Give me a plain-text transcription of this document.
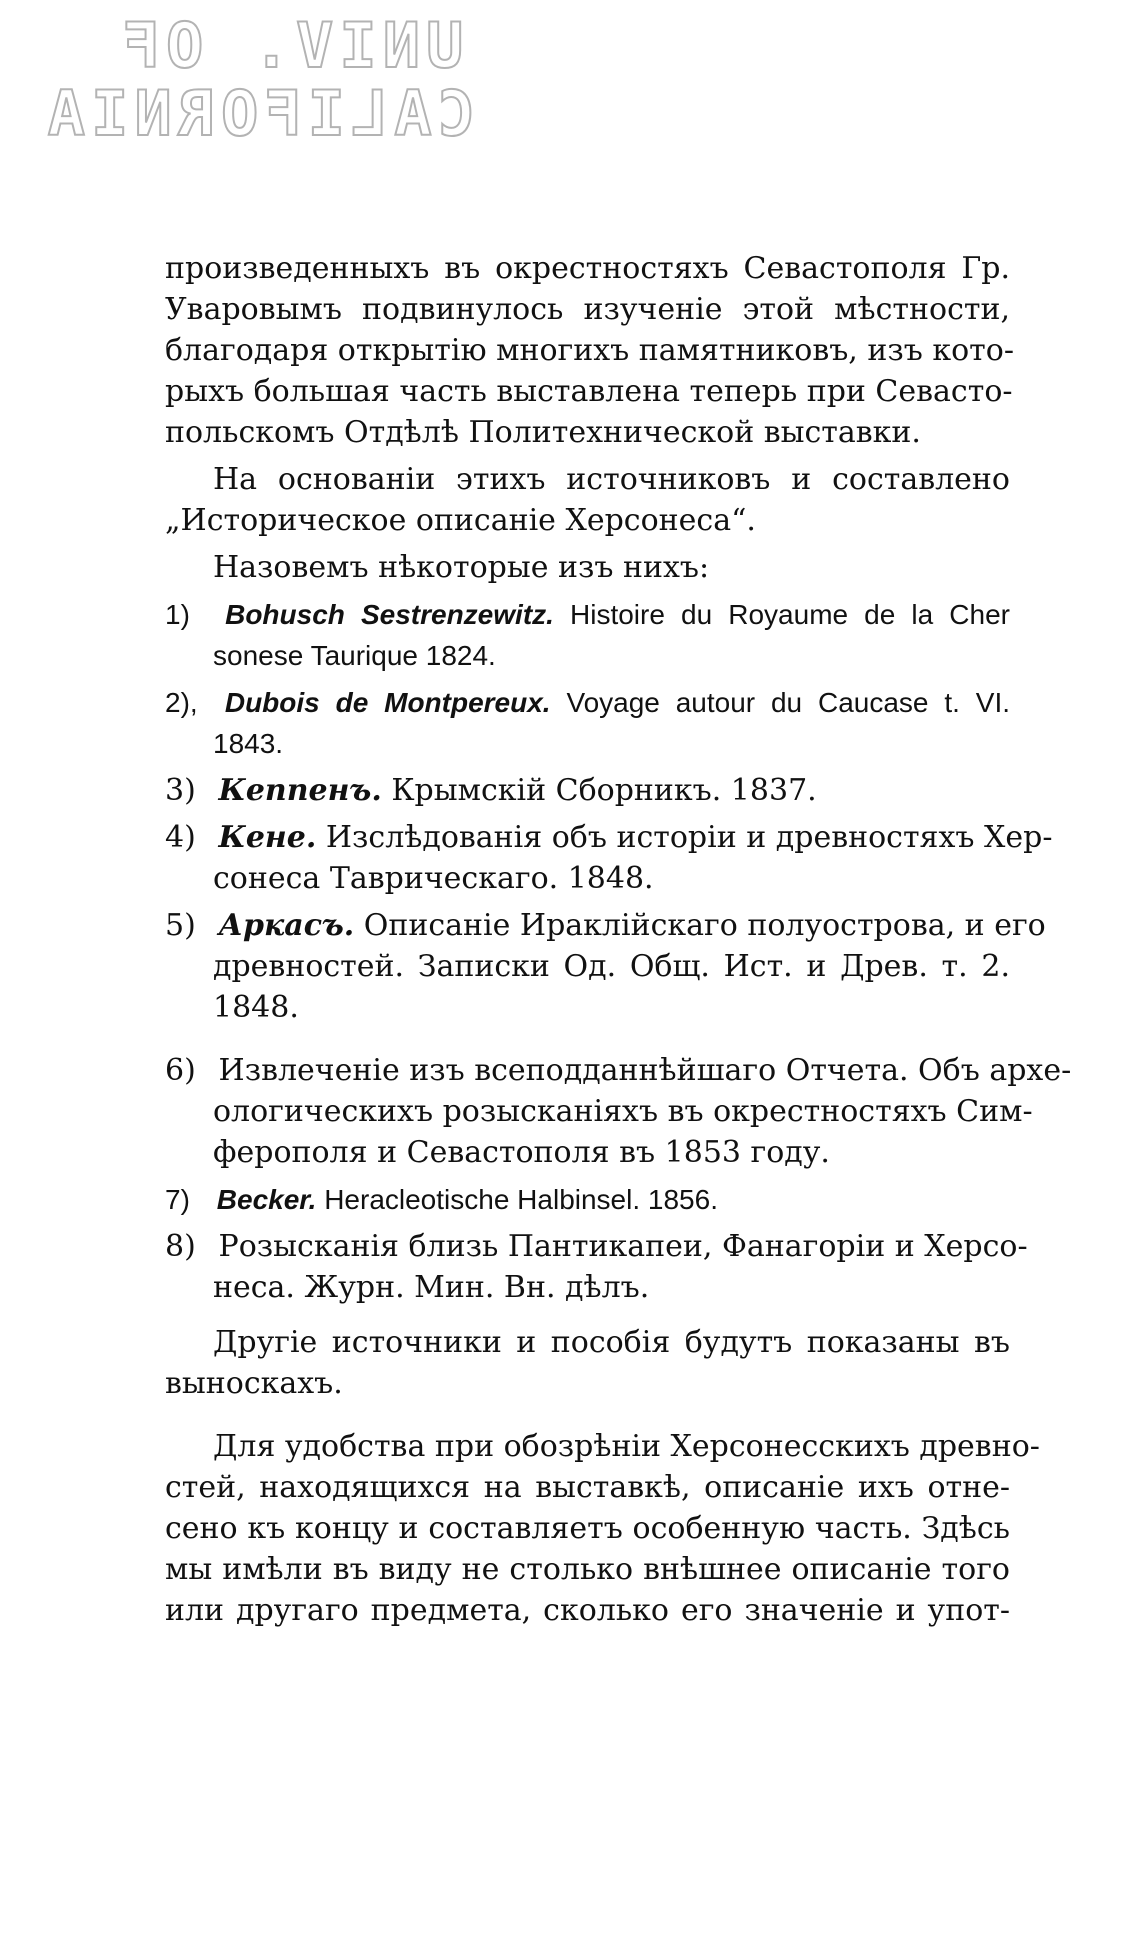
UNIV. OF
CALIFORNIA
произведенныхъ въ окрестностяхъ Севастополя Гр.
Уваровымъ подвинулось изученіе этой мѣстности,
благодаря открытію многихъ памятниковъ, изъ кото-
рыхъ большая часть выставлена теперь при Севасто-
польскомъ Отдѣлѣ Политехнической выставки.
На основаніи этихъ источниковъ и составлено
„Историческое описаніе Херсонеса“.
Назовемъ нѣкоторые изъ нихъ:
1) Bohusch Sestrenzewitz. Histoire du Royaume de la Cher
sonese Taurique 1824.
2), Dubois de Montpereux. Voyage autour du Caucase t. VI.
1843.
3) Кеппенъ. Крымскій Сборникъ. 1837.
4) Кене. Изслѣдованія объ исторіи и древностяхъ Хер-
сонеса Таврическаго. 1848.
5) Аркасъ. Описаніе Ираклійскаго полуострова, и его
древностей. Записки Од. Общ. Ист. и Древ. т. 2.
1848.
6) Извлеченіе изъ всеподданнѣйшаго Отчета. Объ архе-
ологическихъ розысканіяхъ въ окрестностяхъ Сим-
ферополя и Севастополя въ 1853 году.
7) Becker. Heracleotische Halbinsel. 1856.
8) Розысканія близь Пантикапеи, Фанагоріи и Херсо-
неса. Журн. Мин. Вн. дѣлъ.
Другіе источники и пособія будутъ показаны въ
выноскахъ.
Для удобства при обозрѣніи Херсонесскихъ древно-
стей, находящихся на выставкѣ, описаніе ихъ отне-
сено къ концу и составляетъ особенную часть. Здѣсь
мы имѣли въ виду не столько внѣшнее описаніе того
или другаго предмета, сколько его значеніе и упот-
